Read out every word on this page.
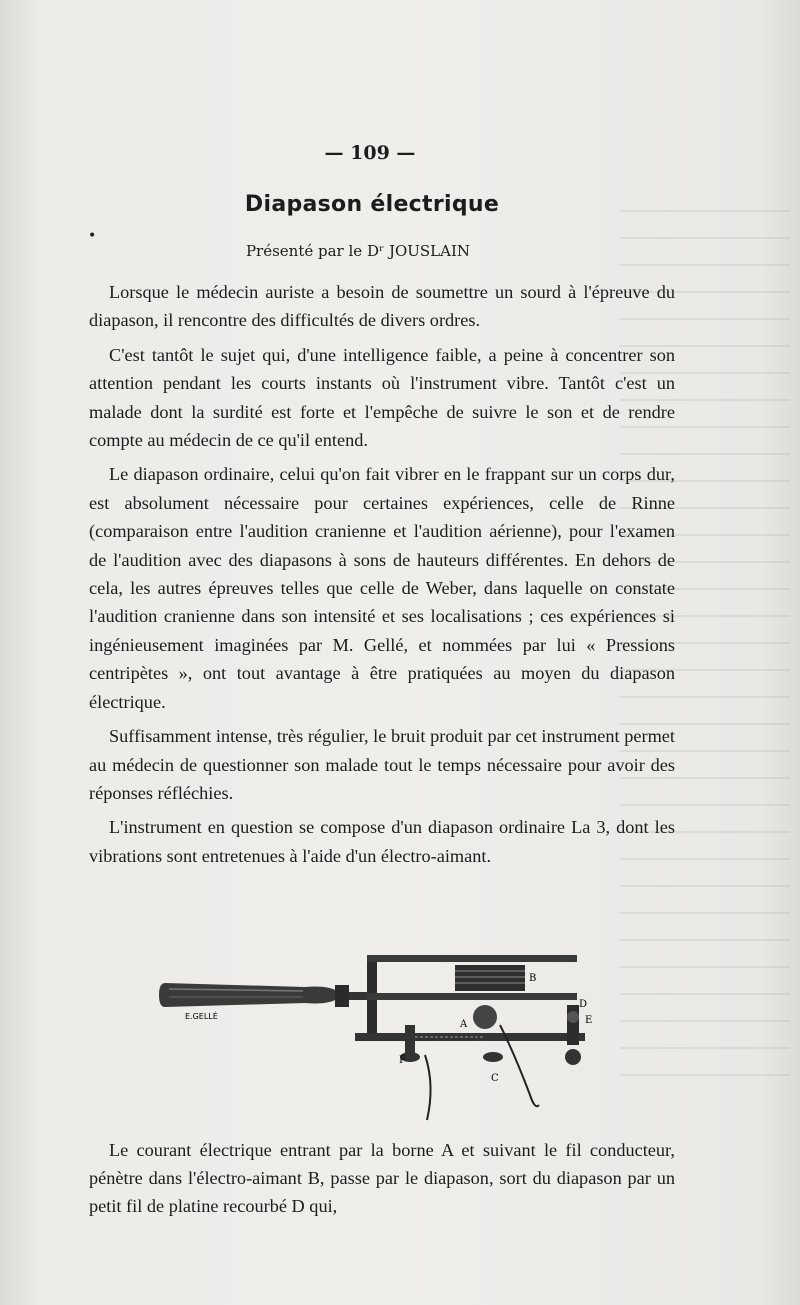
— 109 —
Diapason électrique
•
Présenté par le Dʳ JOUSLAIN

Lorsque le médecin auriste a besoin de soumettre un sourd à l'épreuve du diapason, il rencontre des difficultés de divers ordres.

C'est tantôt le sujet qui, d'une intelligence faible, a peine à concentrer son attention pendant les courts instants où l'instrument vibre. Tantôt c'est un malade dont la surdité est forte et l'empêche de suivre le son et de rendre compte au médecin de ce qu'il entend.

Le diapason ordinaire, celui qu'on fait vibrer en le frappant sur un corps dur, est absolument nécessaire pour certaines expériences, celle de Rinne (comparaison entre l'audition cranienne et l'audition aérienne), pour l'examen de l'audition avec des diapasons à sons de hauteurs différentes. En dehors de cela, les autres épreuves telles que celle de Weber, dans laquelle on constate l'audition cranienne dans son intensité et ses localisations ; ces expériences si ingénieusement imaginées par M. Gellé, et nommées par lui « Pressions centripètes », ont tout avantage à être pratiquées au moyen du diapason électrique.

Suffisamment intense, très régulier, le bruit produit par cet instrument permet au médecin de questionner son malade tout le temps nécessaire pour avoir des réponses réfléchies.

L'instrument en question se compose d'un diapason ordinaire La 3, dont les vibrations sont entretenues à l'aide d'un électro-aimant.

B
A
D
E
C
F
E.GELLÉ

Le courant électrique entrant par la borne A et suivant le fil conducteur, pénètre dans l'électro-aimant B, passe par le diapason, sort du diapason par un petit fil de platine recourbé D qui,
